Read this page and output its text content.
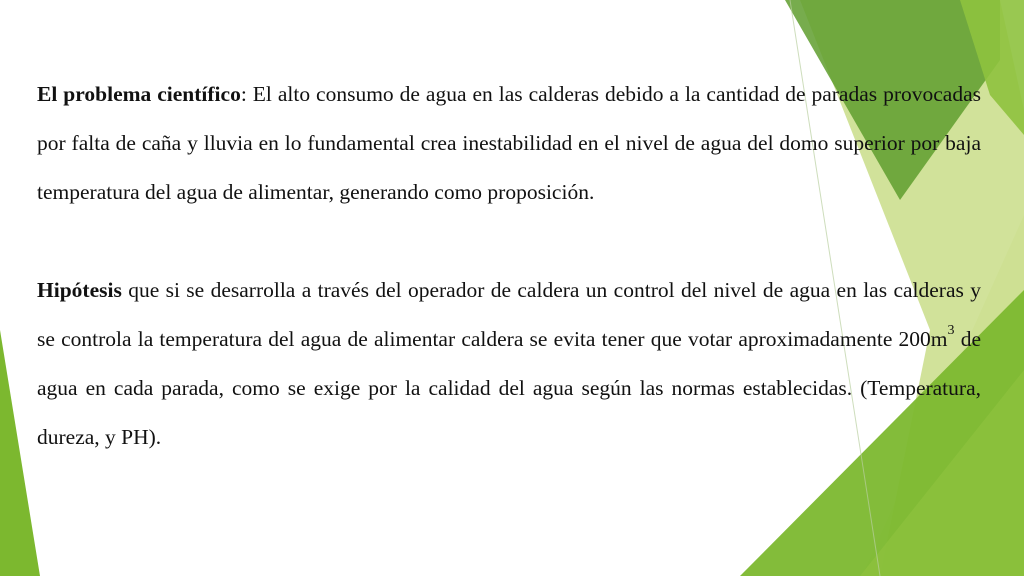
El problema científico: El alto consumo de agua en las calderas debido a la cantidad de paradas provocadas por falta de caña y lluvia en lo fundamental crea inestabilidad en el nivel de agua del domo superior por baja temperatura del agua de alimentar, generando como proposición.

Hipótesis que si se desarrolla a través del operador de caldera un control del nivel de agua en las calderas y se controla la temperatura del agua de alimentar caldera se evita tener que votar aproximadamente $200m^3$ de agua en cada parada, como se exige por la calidad del agua según las normas establecidas. (Temperatura, dureza, y PH).
